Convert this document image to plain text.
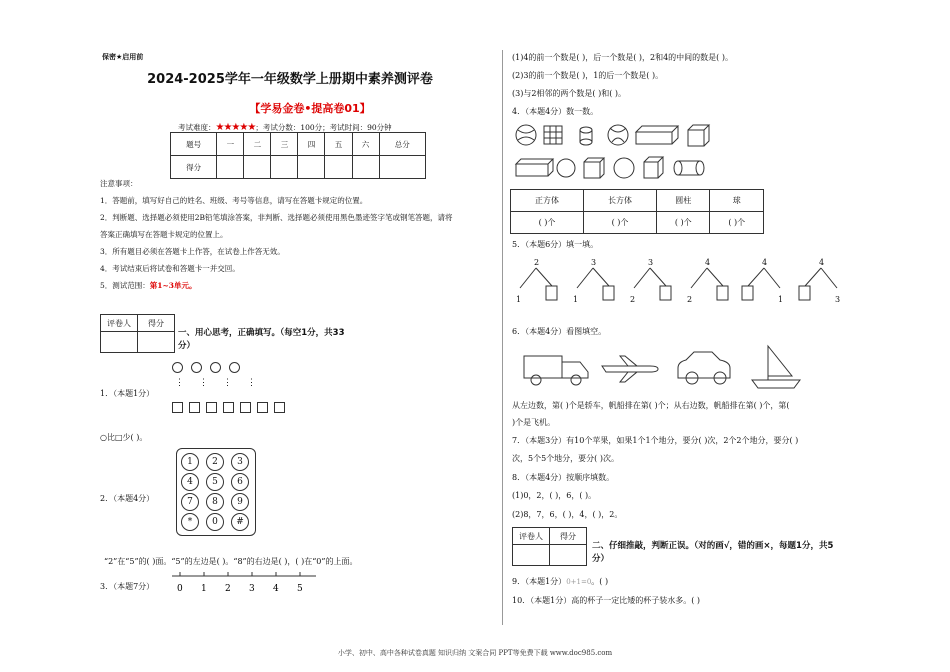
保密★启用前
2024-2025学年一年级数学上册期中素养测评卷
【学易金卷•提高卷01】
考试难度：★★★★★；考试分数：100分；考试时间：90分钟
题号	一	二	三	四	五	六	总分
得分							
注意事项：
1．答题前，填写好自己的姓名、班级、考号等信息，请写在答题卡规定的位置。
2．判断题、选择题必须使用2B铅笔填涂答案，非判断、选择题必须使用黑色墨迹签字笔或钢笔答题，请将
答案正确填写在答题卡规定的位置上。
3．所有题目必须在答题卡上作答，在试卷上作答无效。
4．考试结束后将试卷和答题卡一并交回。
5．测试范围：第1~3单元。
评卷人	得分

一、用心思考，正确填写。（每空1分，共33
分）
⋮⋮⋮⋮
1．（本题1分）
○比□少( )。
2．（本题4分）
1	2	3
4	5	6
7	8	9
*	0	#
“2”在“5”的( )面。“5”的左边是( )。“8”的右边是( )，( )在“0”的上面。
3．（本题7分）	0 1 2 3 4 5
(1)4的前一个数是( )，后一个数是( )，2和4的中间的数是( )。
(2)3的前一个数是( )，1的后一个数是( )。
(3)与2相邻的两个数是( )和( )。
4．（本题4分）数一数。
正方体	长方体	圆柱	球
( )个	( )个	( )个	( )个
5．（本题6分）填一填。
2
1
3
1
3
2
4
2
4
1
4
3
6．（本题4分）看图填空。
从左边数，第( )个是轿车，帆船排在第( )个；从右边数，帆船排在第( )个，第(
)个是飞机。
7．（本题3分）有10个苹果，如果1个1个地分，要分( )次，2个2个地分，要分( )
次，5个5个地分，要分( )次。
8．（本题4分）按顺序填数。
(1)0，2，( )，6，( )。
(2)8，7，6，( )，4，( )，2。
评卷人	得分

二、仔细推敲，判断正误。（对的画√，错的画×，每题1分，共5
分）
9．（本题1分）0+1=0。( )
10．（本题1分）高的杯子一定比矮的杯子装水多。( )
小学、初中、高中各种试卷真题 知识归纳 文案合同 PPT等免费下载 www.doc985.com
